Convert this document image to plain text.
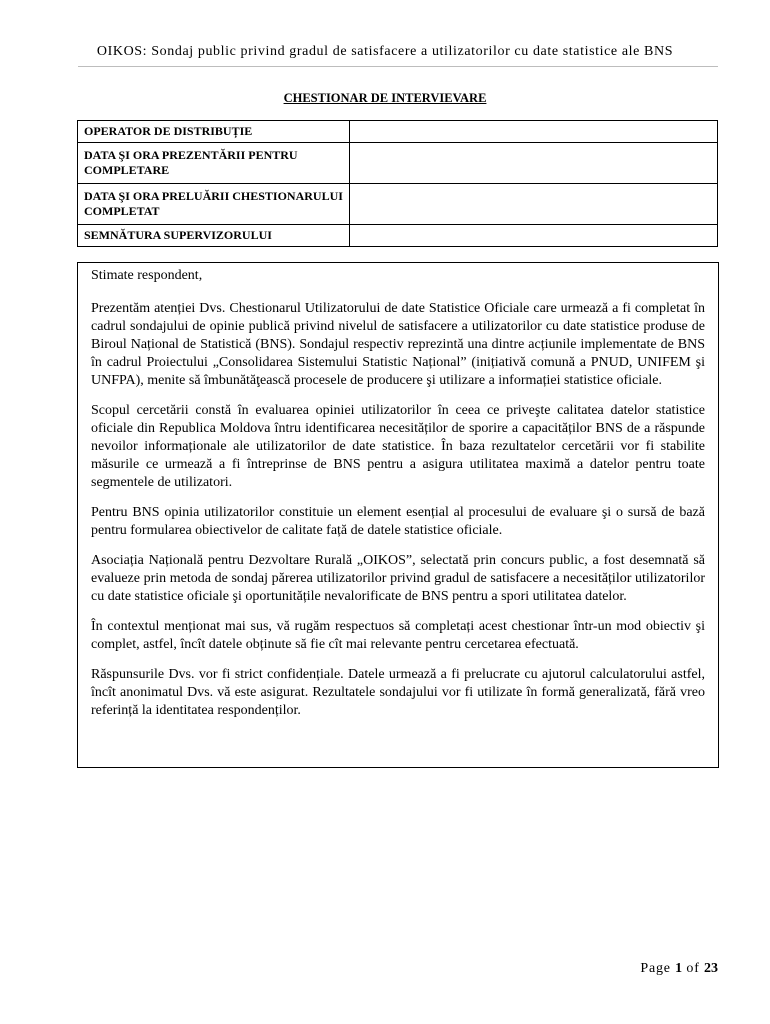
OIKOS: Sondaj public privind gradul de satisfacere a utilizatorilor cu date statistice ale BNS
CHESTIONAR DE INTERVIEVARE
OPERATOR DE DISTRIBUȚIE	
DATA ŞI ORA PREZENTĂRII PENTRU COMPLETARE	
DATA ŞI ORA PRELUĂRII CHESTIONARULUI COMPLETAT	
SEMNĂTURA SUPERVIZORULUI	

Stimate respondent,

Prezentăm atenției Dvs. Chestionarul Utilizatorului de date Statistice Oficiale care urmează a fi completat în cadrul sondajului de opinie publică privind nivelul de satisfacere a utilizatorilor cu date statistice produse de Biroul Național de Statistică (BNS). Sondajul respectiv reprezintă una dintre acțiunile implementate de BNS în cadrul Proiectului „Consolidarea Sistemului Statistic Național” (inițiativă comună a PNUD, UNIFEM şi UNFPA), menite să îmbunătăţească procesele de producere şi utilizare a informației statistice oficiale.

Scopul cercetării constă în evaluarea opiniei utilizatorilor în ceea ce priveşte calitatea datelor statistice oficiale din Republica Moldova întru identificarea necesităților de sporire a capacităților BNS de a răspunde nevoilor informaționale ale utilizatorilor de date statistice. În baza rezultatelor cercetării vor fi stabilite măsurile ce urmează a fi întreprinse de BNS pentru a asigura utilitatea maximă a datelor pentru toate segmentele de utilizatori.

Pentru BNS opinia utilizatorilor constituie un element esențial al procesului de evaluare şi o sursă de bază pentru formularea obiectivelor de calitate față de datele statistice oficiale.

Asociația Națională pentru Dezvoltare Rurală „OIKOS”, selectată prin concurs public, a fost desemnată să evalueze prin metoda de sondaj părerea utilizatorilor privind gradul de satisfacere a necesităților utilizatorilor cu date statistice oficiale şi oportunitățile nevalorificate de BNS pentru a spori utilitatea datelor.

În contextul menționat mai sus, vă rugăm respectuos să completați acest chestionar într-un mod obiectiv şi complet, astfel, încît datele obținute să fie cît mai relevante pentru cercetarea efectuată.

Răspunsurile Dvs. vor fi strict confidențiale. Datele urmează a fi prelucrate cu ajutorul calculatorului astfel, încît anonimatul Dvs. vă este asigurat. Rezultatele sondajului vor fi utilizate în formă generalizată, fără vreo referință la identitatea respondenților.

Page 1 of 23
